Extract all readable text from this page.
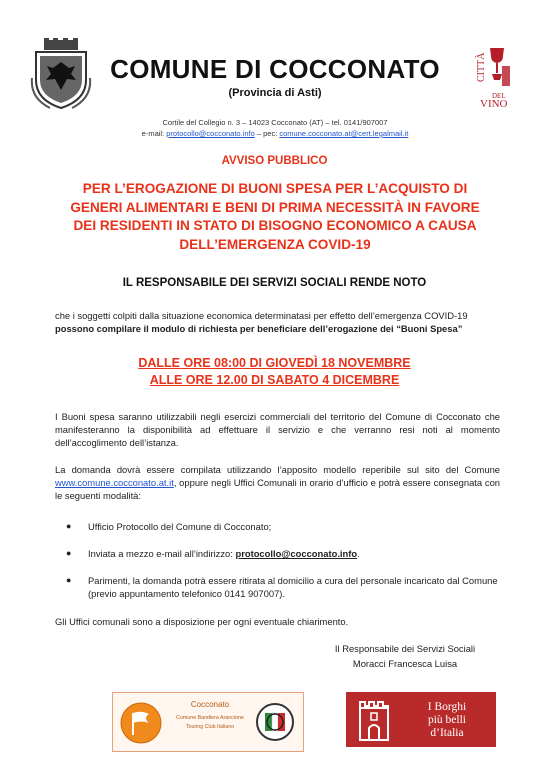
COMUNE DI COCCONATO
(Provincia di Asti)
CITTÀ
DEL
VINO
Cortile del Collegio n. 3 – 14023 Cocconato (AT) – tel. 0141/907007
e-mail: protocollo@cocconato.info – pec: comune.cocconato.at@cert.legalmail.it
AVVISO PUBBLICO
PER L’EROGAZIONE DI BUONI SPESA PER L’ACQUISTO DI
GENERI ALIMENTARI E BENI DI PRIMA NECESSITÀ IN FAVORE
DEI RESIDENTI IN STATO DI BISOGNO ECONOMICO A CAUSA
DELL’EMERGENZA COVID-19
IL RESPONSABILE DEI SERVIZI SOCIALI RENDE NOTO
che i soggetti colpiti dalla situazione economica determinatasi per effetto dell’emergenza COVID-19
possono compilare il modulo di richiesta per beneficiare dell’erogazione dei “Buoni Spesa”
DALLE ORE 08:00 DI GIOVEDÌ 18 NOVEMBRE
ALLE ORE 12.00 DI SABATO 4 DICEMBRE
I Buoni spesa saranno utilizzabili negli esercizi commerciali del territorio del Comune di Cocconato che manifesteranno la disponibilità ad effettuare il servizio e che verranno resi noti al momento dell’accoglimento dell’istanza.
La domanda dovrà essere compilata utilizzando l’apposito modello reperibile sul sito del Comune www.comune.cocconato.at.it, oppure negli Uffici Comunali in orario d’ufficio e potrà essere consegnata con le seguenti modalità:
● Ufficio Protocollo del Comune di Cocconato;
● Inviata a mezzo e-mail all’indirizzo: protocollo@cocconato.info.
● Parimenti, la domanda potrà essere ritirata al domicilio a cura del personale incaricato dal Comune (previo appuntamento telefonico 0141 907007).
Gli Uffici comunali sono a disposizione per ogni eventuale chiarimento.
Il Responsabile dei Servizi Sociali
Moracci Francesca Luisa
Cocconato
Comune Bandiera Arancione
Touring Club Italiano
I Borghi
più belli
d’Italia
